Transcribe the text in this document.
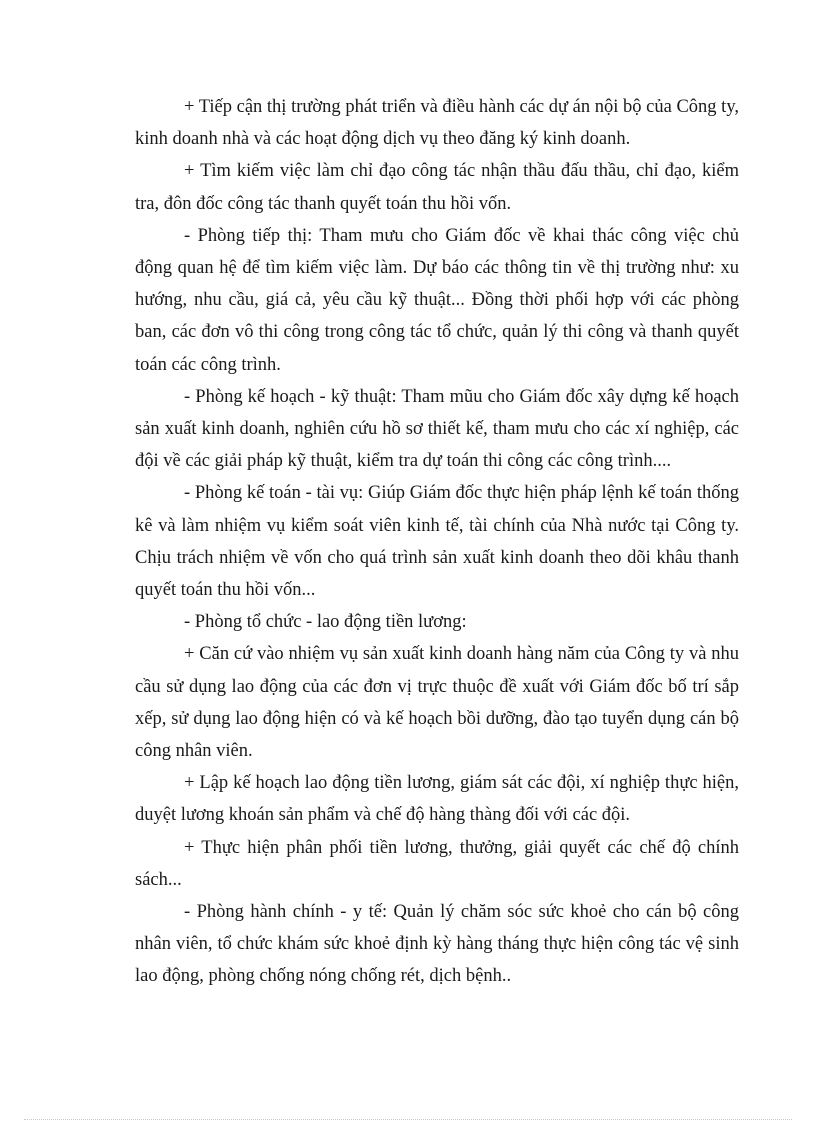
+ Tiếp cận thị trường phát triển và điều hành các dự án nội bộ của Công ty, kinh doanh nhà và các hoạt động dịch vụ theo đăng ký kinh doanh.

+ Tìm kiếm việc làm chỉ đạo công tác nhận thầu đấu thầu, chỉ đạo, kiểm tra, đôn đốc công tác thanh quyết toán thu hồi vốn.

- Phòng tiếp thị: Tham mưu cho Giám đốc về khai thác công việc chủ động quan hệ để tìm kiếm việc làm. Dự báo các thông tin về thị trường như: xu hướng, nhu cầu, giá cả, yêu cầu kỹ thuật... Đồng thời phối hợp với các phòng ban, các đơn vô thi công trong công tác tổ chức, quản lý thi công và thanh quyết toán các công trình.

- Phòng kế hoạch - kỹ thuật: Tham mũu cho Giám đốc xây dựng kế hoạch sản xuất kinh doanh, nghiên cứu hồ sơ thiết kế, tham mưu cho các xí nghiệp, các đội về các giải pháp kỹ thuật, kiểm tra dự toán thi công các công trình....

- Phòng kế toán - tài vụ: Giúp Giám đốc thực hiện pháp lệnh kế toán thống kê và làm nhiệm vụ kiểm soát viên kinh tế, tài chính của Nhà nước tại Công ty. Chịu trách nhiệm về vốn cho quá trình sản xuất kinh doanh theo dõi khâu thanh quyết toán thu hồi vốn...

- Phòng tổ chức - lao động tiền lương:

+ Căn cứ vào nhiệm vụ sản xuất kinh doanh hàng năm của Công ty và nhu cầu sử dụng lao động của các đơn vị trực thuộc đề xuất với Giám đốc bố trí sắp xếp, sử dụng lao động hiện có và kế hoạch bồi dưỡng, đào tạo tuyển dụng cán bộ công nhân viên.

+ Lập kế hoạch lao động tiền lương, giám sát các đội, xí nghiệp thực hiện, duyệt lương khoán sản phẩm và chế độ hàng thàng đối với các đội.

+ Thực hiện phân phối tiền lương, thưởng, giải quyết các chế độ chính sách...

- Phòng hành chính - y tế: Quản lý chăm sóc sức khoẻ cho cán bộ công nhân viên, tổ chức khám sức khoẻ định kỳ hàng tháng thực hiện công tác vệ sinh lao động, phòng chống nóng chống rét, dịch bệnh..
